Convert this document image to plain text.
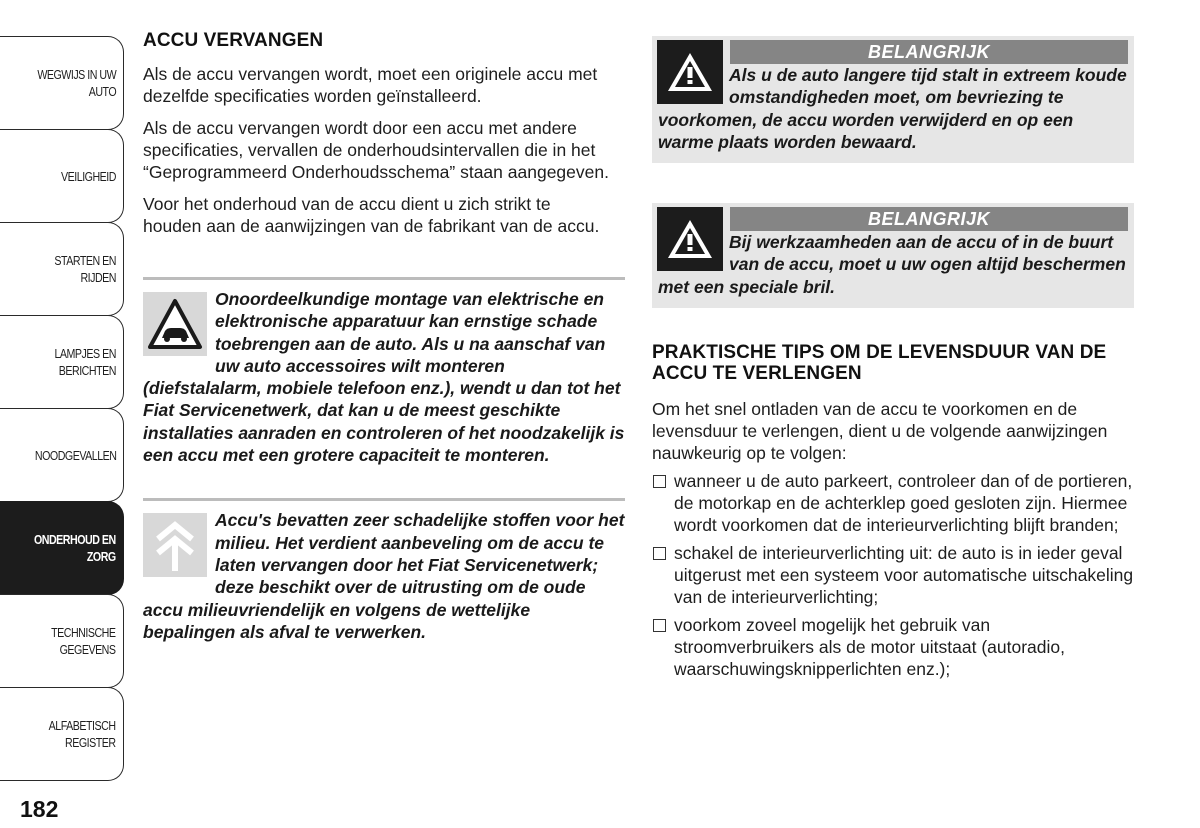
WEGWIJS IN UW
AUTO
VEILIGHEID
STARTEN EN RIJDEN
LAMPJES EN
BERICHTEN
NOODGEVALLEN
ONDERHOUD EN
ZORG
TECHNISCHE
GEGEVENS
ALFABETISCH
REGISTER
182
ACCU VERVANGEN

Als de accu vervangen wordt, moet een originele accu met dezelfde specificaties worden geïnstalleerd.

Als de accu vervangen wordt door een accu met andere specificaties, vervallen de onderhoudsintervallen die in het “Geprogrammeerd Onderhoudsschema” staan aangegeven.

Voor het onderhoud van de accu dient u zich strikt te houden aan de aanwijzingen van de fabrikant van de accu.

Onoordeelkundige montage van elektrische en elektronische apparatuur kan ernstige schade toebrengen aan de auto. Als u na aanschaf van uw auto accessoires wilt monteren (diefstalalarm, mobiele telefoon enz.), wendt u dan tot het Fiat Servicenetwerk, dat kan u de meest geschikte installaties aanraden en controleren of het noodzakelijk is een accu met een grotere capaciteit te monteren.
Accu's bevatten zeer schadelijke stoffen voor het milieu. Het verdient aanbeveling om de accu te laten vervangen door het Fiat Servicenetwerk; deze beschikt over de uitrusting om de oude accu milieuvriendelijk en volgens de wettelijke bepalingen als afval te verwerken.
BELANGRIJK
Als u de auto langere tijd stalt in extreem koude omstandigheden moet, om bevriezing te voorkomen, de accu worden verwijderd en op een warme plaats worden bewaard.
BELANGRIJK
Bij werkzaamheden aan de accu of in de buurt van de accu, moet u uw ogen altijd beschermen met een speciale bril.
PRAKTISCHE TIPS OM DE LEVENSDUUR VAN DE ACCU TE VERLENGEN

Om het snel ontladen van de accu te voorkomen en de levensduur te verlengen, dient u de volgende aanwijzingen nauwkeurig op te volgen:

wanneer u de auto parkeert, controleer dan of de portieren, de motorkap en de achterklep goed gesloten zijn. Hiermee wordt voorkomen dat de interieurverlichting blijft branden;
schakel de interieurverlichting uit: de auto is in ieder geval uitgerust met een systeem voor automatische uitschakeling van de interieurverlichting;
voorkom zoveel mogelijk het gebruik van stroomverbruikers als de motor uitstaat (autoradio, waarschuwingsknipperlichten enz.);
